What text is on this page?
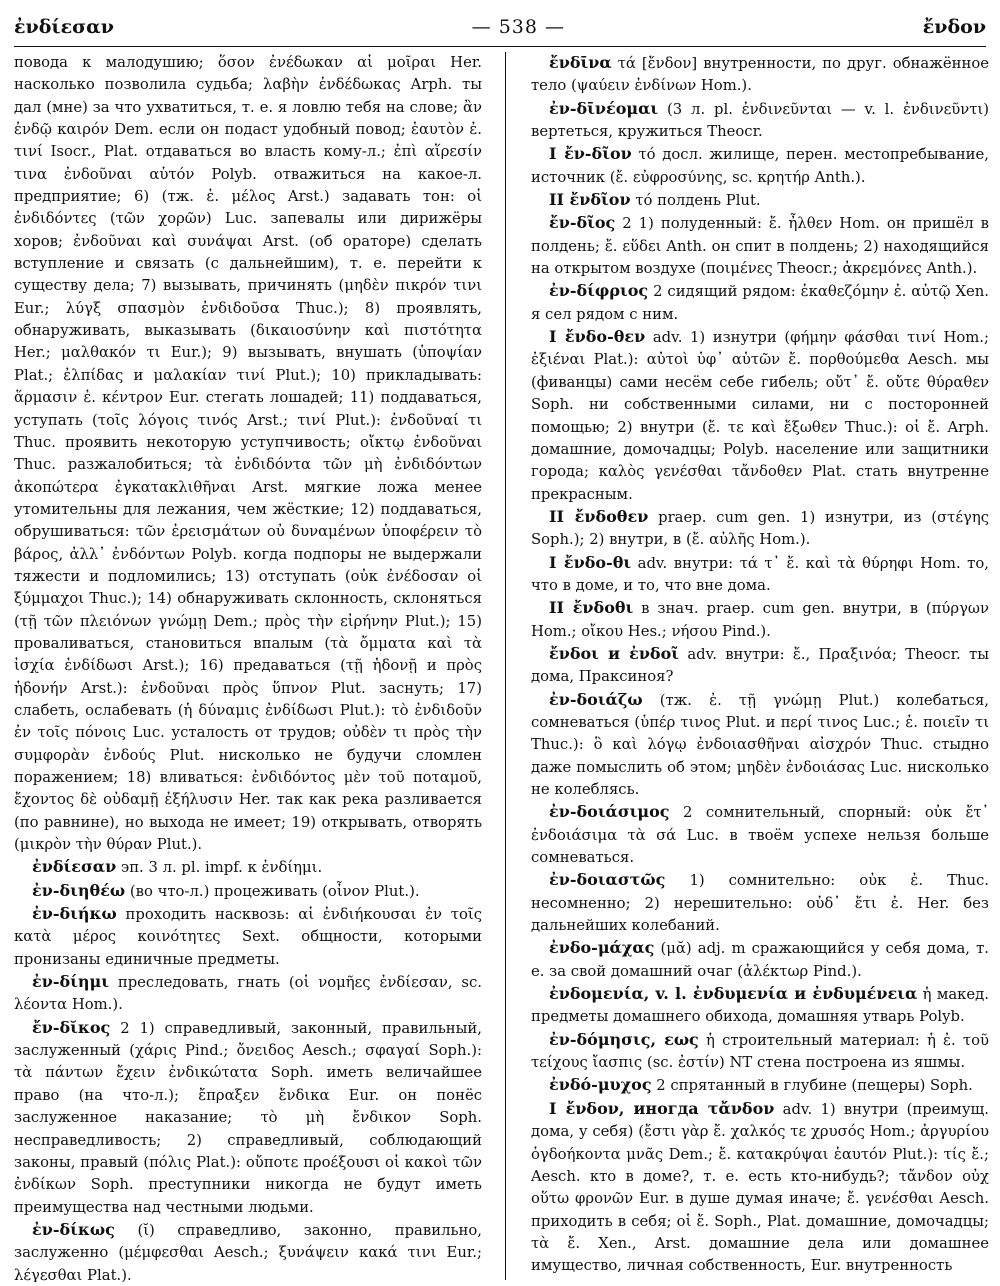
ἐνδίεσαν	— 538 —	ἔνδον

повода к малодушию; ὅσον ἐνέδωκαν αἱ μοῖραι Her. насколько позволила судьба; λαβὴν ἐνδέδωκας Arph. ты дал (мне) за что ухватиться, т. е. я ловлю тебя на слове; ἂν ἐνδῷ καιρόν Dem. если он подаст удобный повод; ἑαυτὸν ἐ. τινί Isocr., Plat. отдаваться во власть кому-л.; ἐπὶ αἵρεσίν τινα ἐνδοῦναι αὑτόν Polyb. отважиться на какое-л. предприятие; 6) (тж. ἐ. μέλος Arst.) задавать тон: οἱ ἐνδιδόντες (τῶν χορῶν) Luc. запевалы или дирижёры хоров; ἐνδοῦναι καὶ συνάψαι Arst. (об ораторе) сделать вступление и связать (с дальнейшим), т. е. перейти к существу дела; 7) вызывать, причинять (μηδὲν πικρόν τινι Eur.; λύγξ σπασμὸν ἐνδιδοῦσα Thuc.); 8) проявлять, обнаруживать, выказывать (δικαιοσύνην καὶ πιστότητα Her.; μαλθακόν τι Eur.); 9) вызывать, внушать (ὑποψίαν Plat.; ἐλπίδας и μαλακίαν τινί Plut.); 10) прикладывать: ἅρμασιν ἐ. κέντρον Eur. стегать лошадей; 11) поддаваться, уступать (τοῖς λόγοις τινός Arst.; τινί Plut.): ἐνδοῦναί τι Thuc. проявить некоторую уступчивость; οἴκτῳ ἐνδοῦναι Thuc. разжалобиться; τὰ ἐνδιδόντα τῶν μὴ ἐνδιδόντων ἀκοπώτερα ἐγκατακλιθῆναι Arst. мягкие ложа менее утомительны для лежания, чем жёсткие; 12) поддаваться, обрушиваться: τῶν ἐρεισμάτων οὐ δυναμένων ὑποφέρειν τὸ βάρος, ἀλλ᾿ ἐνδόντων Polyb. когда подпоры не выдержали тяжести и подломились; 13) отступать (οὐκ ἐνέδοσαν οἱ ξύμμαχοι Thuc.); 14) обнаруживать склонность, склоняться (τῇ τῶν πλειόνων γνώμῃ Dem.; πρὸς τὴν εἰρήνην Plut.); 15) проваливаться, становиться впалым (τὰ ὄμματα καὶ τὰ ἰσχία ἐνδίδωσι Arst.); 16) предаваться (τῇ ἡδονῇ и πρὸς ἡδονήν Arst.): ἐνδοῦναι πρὸς ὕπνον Plut. заснуть; 17) слабеть, ослабевать (ἡ δύναμις ἐνδίδωσι Plut.): τὸ ἐνδιδοῦν ἐν τοῖς πόνοις Luc. усталость от трудов; οὐδὲν τι πρὸς τὴν συμφορὰν ἐνδούς Plut. нисколько не будучи сломлен поражением; 18) вливаться: ἐνδιδόντος μὲν τοῦ ποταμοῦ, ἔχοντος δὲ οὐδαμῇ ἐξήλυσιν Her. так как река разливается (по равнине), но выхода не имеет; 19) открывать, отворять (μικρὸν τὴν θύραν Plut.).

ἐνδίεσαν эп. 3 л. pl. impf. к ἐνδίημι.

ἐν-διηθέω (во что-л.) процеживать (οἶνον Plut.).

ἐν-διήκω проходить насквозь: αἱ ἐνδιήκουσαι ἐν τοῖς κατὰ μέρος κοινότητες Sext. общности, которыми пронизаны единичные предметы.

ἐν-δίημι преследовать, гнать (οἱ νομῆες ἐνδίεσαν, sc. λέοντα Hom.).

ἔν-δῐκος 2 1) справедливый, законный, правильный, заслуженный (χάρις Pind.; ὄνειδος Aesch.; σφαγαί Soph.): τὰ πάντων ἔχειν ἐνδικώτατα Soph. иметь величайшее право (на что-л.); ἔπραξεν ἔνδικα Eur. он понёс заслуженное наказание; τὸ μὴ ἔνδικον Soph. несправедливость; 2) справедливый, соблюдающий законы, правый (πόλις Plat.): οὔποτε προέξουσι οἱ κακοὶ τῶν ἐνδίκων Soph. преступники никогда не будут иметь преимущества над честными людьми.

ἐν-δίκως (ῐ) справедливо, законно, правильно, заслуженно (μέμφεσθαι Aesch.; ξυνάψειν κακά τινι Eur.; λέγεσθαι Plat.).

ἔνδῑνα τά [ἔνδον] внутренности, по друг. обнажённое тело (ψαύειν ἐνδίνων Hom.).

ἐν-δῑνέομαι (3 л. pl. ἐνδινεῦνται — v. l. ἐνδινεῦντι) вертеться, кружиться Theocr.

I ἔν-δῖον τό досл. жилище, перен. местопребывание, источник (ἔ. εὐφροσύνης, sc. κρητήρ Anth.).

II ἔνδῖον τό полдень Plut.

ἔν-δῖος 2 1) полуденный: ἔ. ἦλθεν Hom. он пришёл в полдень; ἔ. εὕδει Anth. он спит в полдень; 2) находящийся на открытом воздухе (ποιμένες Theocr.; ἀκρεμόνες Anth.).

ἐν-δίφριος 2 сидящий рядом: ἐκαθεζόμην ἐ. αὐτῷ Xen. я сел рядом с ним.

I ἔνδο-θεν adv. 1) изнутри (φήμην φάσθαι τινί Hom.; ἐξιέναι Plat.): αὐτοὶ ὑφ᾿ αὑτῶν ἔ. πορθούμεθα Aesch. мы (фиванцы) сами несём себе гибель; οὔτ᾿ ἔ. οὔτε θύραθεν Soph. ни собственными силами, ни с посторонней помощью; 2) внутри (ἔ. τε καὶ ἔξωθεν Thuc.): οἱ ἔ. Arph. домашние, домочадцы; Polyb. население или защитники города; καλὸς γενέσθαι τἄνδοθεν Plat. стать внутренне прекрасным.

II ἔνδοθεν praep. cum gen. 1) изнутри, из (στέγης Soph.); 2) внутри, в (ἔ. αὐλῆς Hom.).

I ἔνδο-θι adv. внутри: τά τ᾿ ἔ. καὶ τὰ θύρηφι Hom. то, что в доме, и то, что вне дома.

II ἔνδοθι в знач. praep. cum gen. внутри, в (πύργων Hom.; οἴκου Hes.; νήσου Pind.).

ἔνδοι и ἐνδοῖ adv. внутри: ἔ., Πραξινόα; Theocr. ты дома, Праксиноя?

ἐν-δοιάζω (тж. ἐ. τῇ γνώμῃ Plut.) колебаться, сомневаться (ὑπέρ τινος Plut. и περί τινος Luc.; ἐ. ποιεῖν τι Thuc.): ὃ καὶ λόγῳ ἐνδοιασθῆναι αἰσχρόν Thuc. стыдно даже помыслить об этом; μηδὲν ἐνδοιάσας Luc. нисколько не колеблясь.

ἐν-δοιάσιμος 2 сомнительный, спорный: οὐκ ἔτ᾿ ἐνδοιάσιμα τὰ σά Luc. в твоём успехе нельзя больше сомневаться.

ἐν-δοιαστῶς 1) сомнительно: οὐκ ἐ. Thuc. несомненно; 2) нерешительно: οὐδ᾿ ἔτι ἐ. Her. без дальнейших колебаний.

ἐνδο-μάχας (μᾰ) adj. m сражающийся у себя дома, т. е. за свой домашний очаг (ἀλέκτωρ Pind.).

ἐνδομενία, v. l. ἐνδυμενία и ἐνδυμένεια ἡ макед. предметы домашнего обихода, домашняя утварь Polyb.

ἐν-δόμησις, εως ἡ строительный материал: ἡ ἐ. τοῦ τείχους ἴασπις (sc. ἐστίν) NT стена построена из яшмы.

ἐνδό-μυχος 2 спрятанный в глубине (пещеры) Soph.

I ἔνδον, иногда τἄνδον adv. 1) внутри (преимущ. дома, у себя) (ἔστι γὰρ ἔ. χαλκός τε χρυσός Hom.; ἀργυρίου ὀγδοήκοντα μνᾶς Dem.; ἔ. κατακρύψαι ἑαυτόν Plut.): τίς ἔ.; Aesch. кто в доме?, т. е. есть кто-нибудь?; τἄνδον οὐχ οὕτω φρονῶν Eur. в душе думая иначе; ἔ. γενέσθαι Aesch. приходить в себя; οἱ ἔ. Soph., Plat. домашние, домочадцы; τὰ ἔ. Xen., Arst. домашние дела или домашнее имущество, личная собственность, Eur. внутренность
